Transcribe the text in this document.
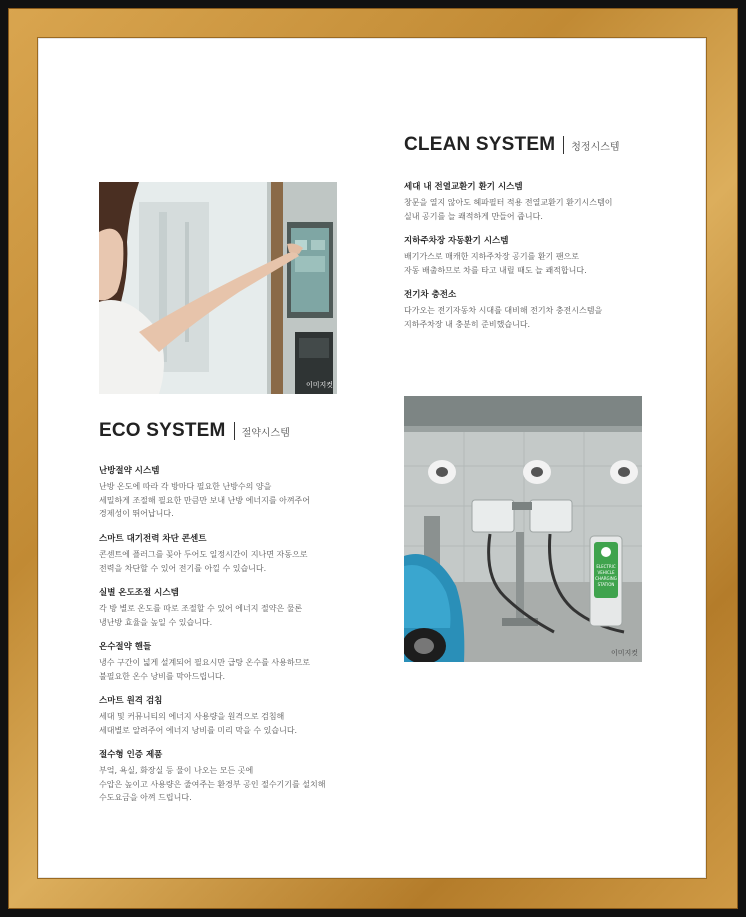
CLEAN SYSTEM 청정시스템
세대 내 전열교환기 환기 시스템
창문을 열지 않아도 헤파필터 적용 전열교환기 환기시스템이
실내 공기를 늘 쾌적하게 만들어 줍니다.
지하주차장 자동환기 시스템
배기가스로 매캐한 지하주차장 공기를 환기 팬으로
자동 배출하므로 차를 타고 내릴 때도 늘 쾌적합니다.
전기차 충전소
다가오는 전기자동차 시대를 대비해 전기차 충전시스템을
지하주차장 내 충분히 준비했습니다.
이미지컷
ECO SYSTEM 절약시스템
난방절약 시스템
난방 온도에 따라 각 방마다 필요한 난방수의 양을
세밀하게 조절해 필요한 만큼만 보내 난방 에너지를 아껴주어
경제성이 뛰어납니다.
스마트 대기전력 차단 콘센트
콘센트에 플러그를 꽂아 두어도 일정시간이 지나면 자동으로
전력을 차단할 수 있어 전기를 아낄 수 있습니다.
실별 온도조절 시스템
각 방 별로 온도를 따로 조절할 수 있어 에너지 절약은 물론
냉난방 효율을 높일 수 있습니다.
온수절약 핸들
냉수 구간이 넓게 설계되어 필요시만 급탕 온수를 사용하므로
불필요한 온수 낭비를 막아드립니다.
스마트 원격 검침
세대 및 커뮤니티의 에너지 사용량을 원격으로 검침해
세대별로 알려주어 에너지 낭비를 미리 막을 수 있습니다.
절수형 인증 제품
부엌, 욕실, 화장실 등 물이 나오는 모든 곳에
수압은 높이고 사용량은 줄여주는 환경부 공인 절수기기를 설치해
수도요금을 아껴 드립니다.
ELECTRIC
VEHICLE
CHARGING
STATION
이미지컷
